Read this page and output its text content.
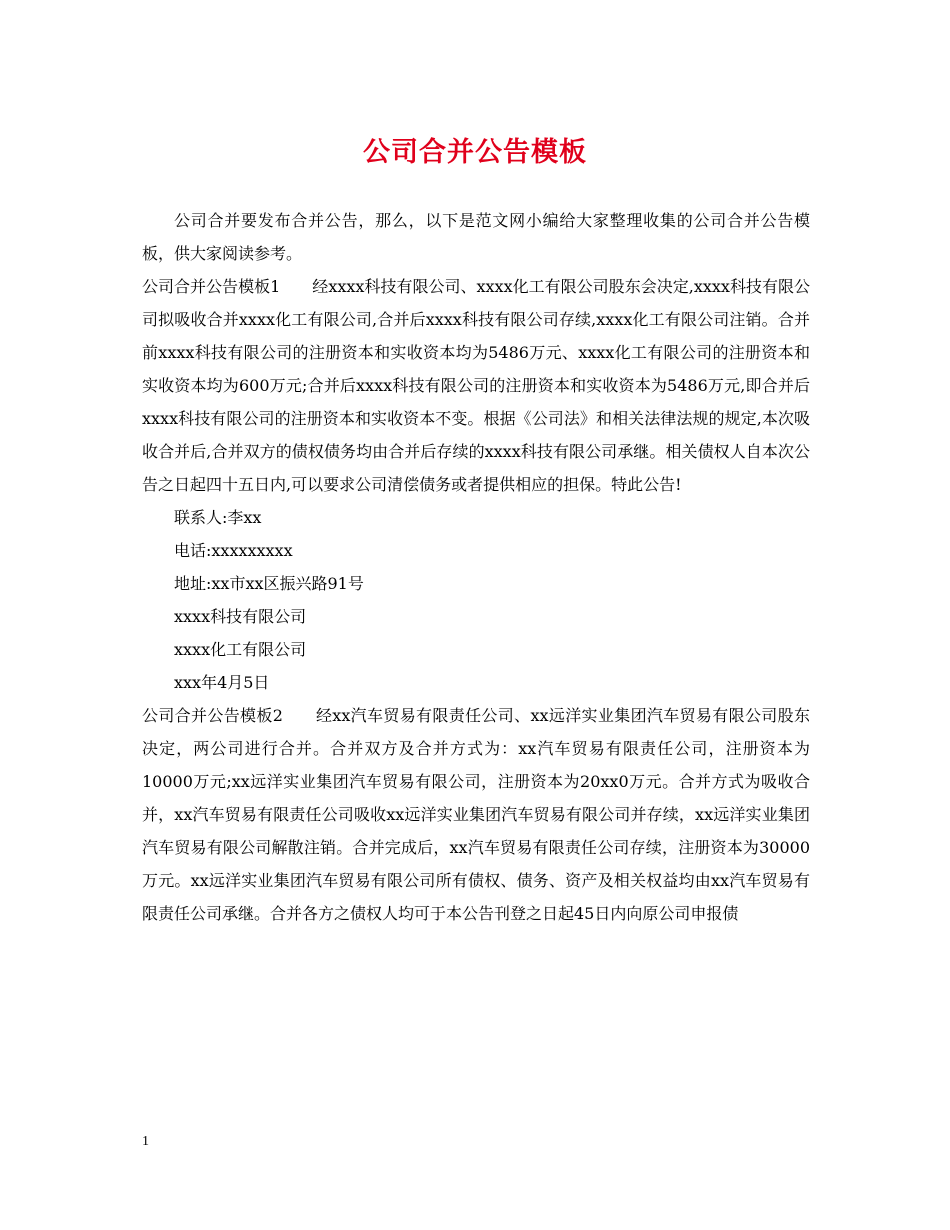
公司合并公告模板

公司合并要发布合并公告，那么，以下是范文网小编给大家整理收集的公司合并公告模板，供大家阅读参考。

公司合并公告模板1　　经xxxx科技有限公司、xxxx化工有限公司股东会决定,xxxx科技有限公司拟吸收合并xxxx化工有限公司,合并后xxxx科技有限公司存续,xxxx化工有限公司注销。合并前xxxx科技有限公司的注册资本和实收资本均为5486万元、xxxx化工有限公司的注册资本和实收资本均为600万元;合并后xxxx科技有限公司的注册资本和实收资本为5486万元,即合并后xxxx科技有限公司的注册资本和实收资本不变。根据《公司法》和相关法律法规的规定,本次吸收合并后,合并双方的债权债务均由合并后存续的xxxx科技有限公司承继。相关债权人自本次公告之日起四十五日内,可以要求公司清偿债务或者提供相应的担保。特此公告!

联系人:李xx

电话:xxxxxxxxx

地址:xx市xx区振兴路91号

xxxx科技有限公司

xxxx化工有限公司

xxx年4月5日

公司合并公告模板2　　经xx汽车贸易有限责任公司、xx远洋实业集团汽车贸易有限公司股东决定，两公司进行合并。合并双方及合并方式为：xx汽车贸易有限责任公司，注册资本为10000万元;xx远洋实业集团汽车贸易有限公司，注册资本为20xx0万元。合并方式为吸收合并，xx汽车贸易有限责任公司吸收xx远洋实业集团汽车贸易有限公司并存续，xx远洋实业集团汽车贸易有限公司解散注销。合并完成后，xx汽车贸易有限责任公司存续，注册资本为30000万元。xx远洋实业集团汽车贸易有限公司所有债权、债务、资产及相关权益均由xx汽车贸易有限责任公司承继。合并各方之债权人均可于本公告刊登之日起45日内向原公司申报债

1
